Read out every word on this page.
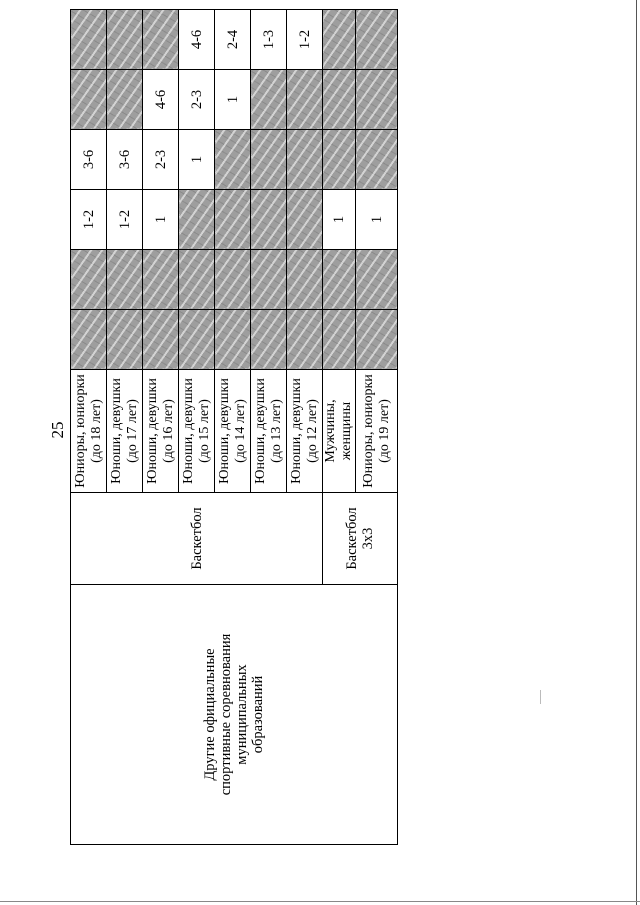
25
Другие официальные спортивные соревнования муниципальных образований	Баскетбол	Юниоры, юниорки (до 18 лет)			1-2	3-6		

		Юноши, девушки (до 17 лет)			1-2	3-6		

		Юноши, девушки (до 16 лет)			1	2-3	4-6	

		Юноши, девушки (до 15 лет)				1	2-3	4-6

		Юноши, девушки (до 14 лет)					1	2-4

		Юноши, девушки (до 13 лет)						1-3

		Юноши, девушки (до 12 лет)						1-2
	Баскетбол 3х3	Мужчины, женщины			1			

		Юниоры, юниорки (до 19 лет)			1			
